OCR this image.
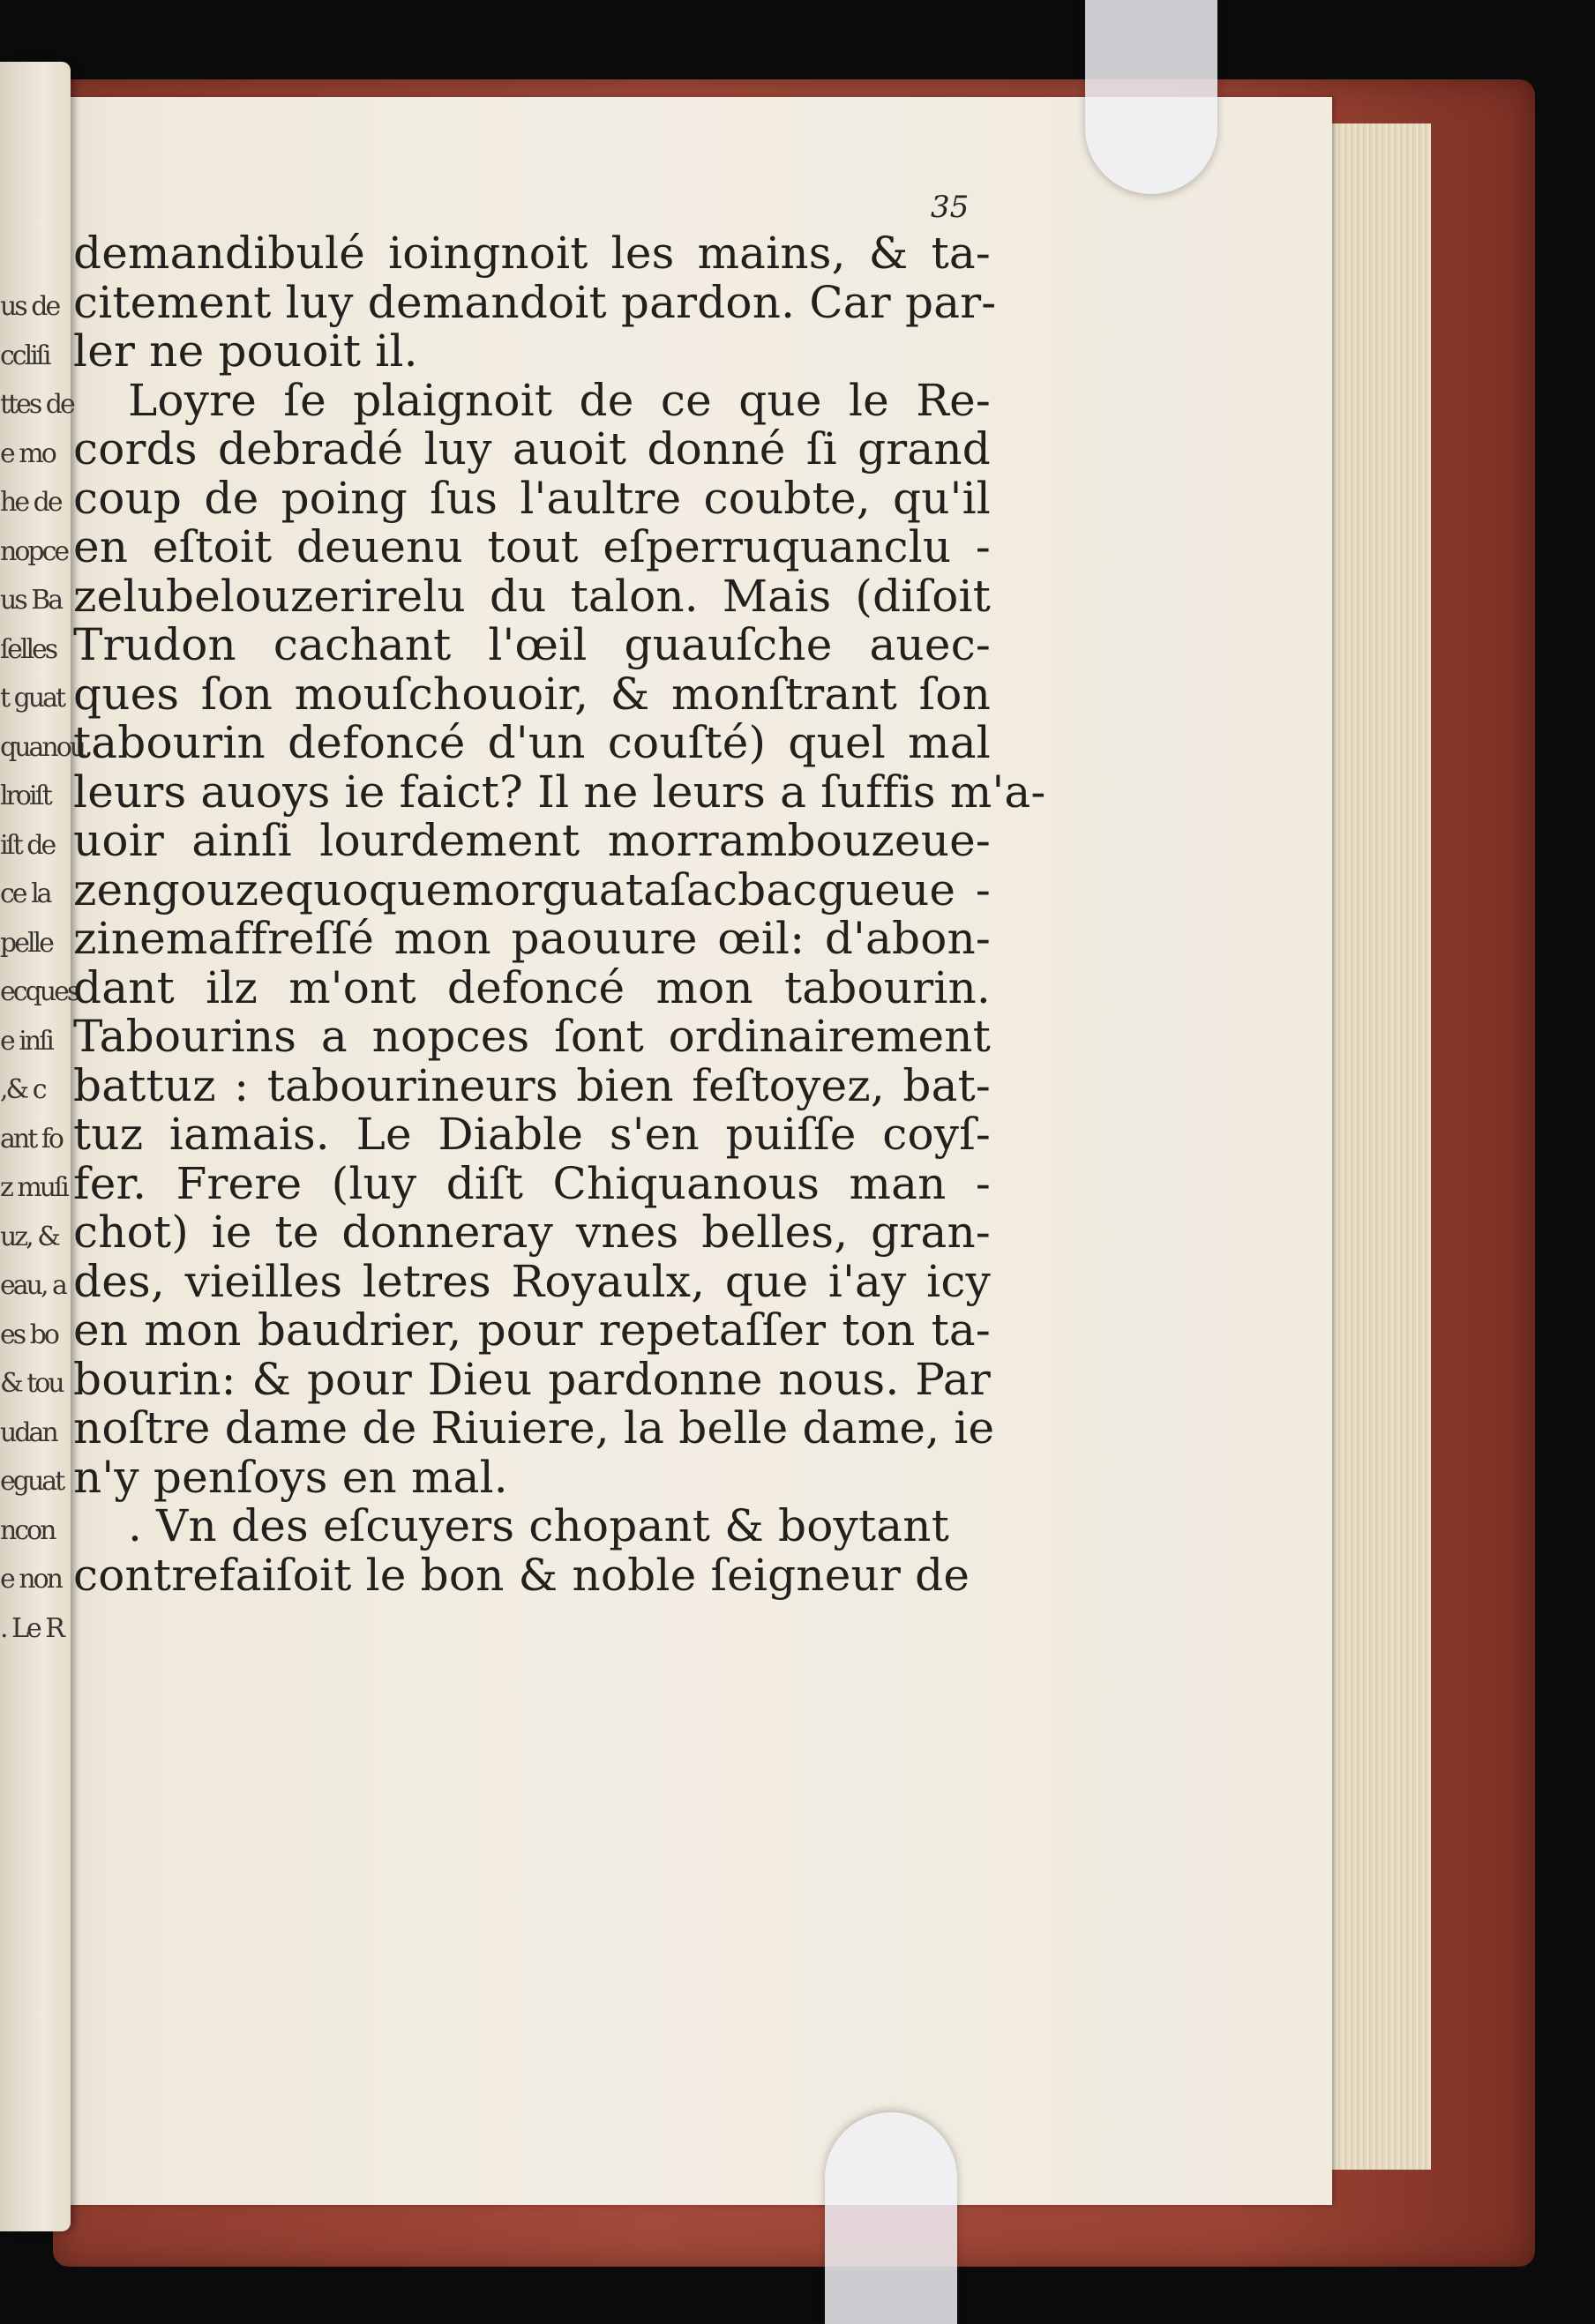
us de
ccliſi
ttes de
e mo
he de
nopce
us Ba
ſelles
t guat
quanou
lroiſt
iſt de
ce la
pelle
ecques
e inſi
,& c
ant fo
z muſi
uz, &
eau, a
es bo
& tou
udan
eguat
ncon
e non
. Le R
35
demandibulé ioingnoit les mains, & ta-
citement luy demandoit pardon. Car par-
ler ne pouoit il.
Loyre ſe plaignoit de ce que le Re-
cords debradé luy auoit donné ſi grand
coup de poing ſus l'aultre coubte, qu'il
en eſtoit deuenu tout eſperruquanclu -
zelubelouzerirelu du talon. Mais (diſoit
Trudon cachant l'œil guauſche auec-
ques ſon mouſchouoir, & monſtrant ſon
tabourin defoncé d'un couſté) quel mal
leurs auoys ie faict? Il ne leurs a ſuffis m'a-
uoir ainſi lourdement morrambouzeue-
zengouzequoquemorguataſacbacgueue -
zinemaffreſſé mon paouure œil: d'abon-
dant ilz m'ont defoncé mon tabourin.
Tabourins a nopces ſont ordinairement
battuz : tabourineurs bien feſtoyez, bat-
tuz iamais. Le Diable s'en puiſſe coyſ-
fer. Frere (luy diſt Chiquanous man -
chot) ie te donneray vnes belles, gran-
des, vieilles letres Royaulx, que i'ay icy
en mon baudrier, pour repetaſſer ton ta-
bourin: & pour Dieu pardonne nous. Par
noſtre dame de Riuiere, la belle dame, ie
n'y penſoys en mal.
. Vn des eſcuyers chopant & boytant
contrefaiſoit le bon & noble ſeigneur de
